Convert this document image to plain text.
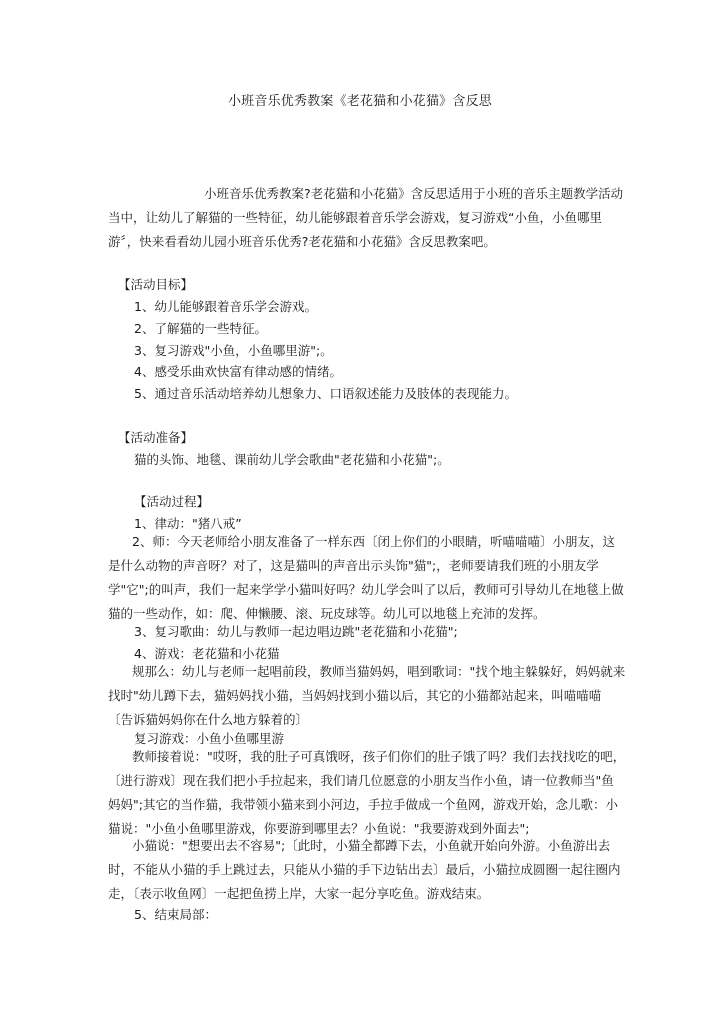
小班音乐优秀教案《老花猫和小花猫》含反思
小班音乐优秀教案?老花猫和小花猫》含反思适用于小班的音乐主题教学活动当中，让幼儿了解猫的一些特征，幼儿能够跟着音乐学会游戏，复习游戏“小鱼，小鱼哪里游〞，快来看看幼儿园小班音乐优秀?老花猫和小花猫》含反思教案吧。
【活动目标】
1、幼儿能够跟着音乐学会游戏。
2、了解猫的一些特征。
3、复习游戏"小鱼，小鱼哪里游";。
4、感受乐曲欢快富有律动感的情绪。
5、通过音乐活动培养幼儿想象力、口语叙述能力及肢体的表现能力。
【活动准备】
猫的头饰、地毯、课前幼儿学会歌曲"老花猫和小花猫";。
【活动过程】
1、律动："猪八戒”
2、师：今天老师给小朋友准备了一样东西〔闭上你们的小眼睛，听喵喵喵〕小朋友，这是什么动物的声音呀？对了，这是猫叫的声音出示头饰"猫";，老师要请我们班的小朋友学学"它";的叫声，我们一起来学学小猫叫好吗？幼儿学会叫了以后，教师可引导幼儿在地毯上做猫的一些动作，如：爬、伸懒腰、滚、玩皮球等。幼儿可以地毯上充沛的发挥。
3、复习歌曲：幼儿与教师一起边唱边跳"老花猫和小花猫";
4、游戏：老花猫和小花猫
规那么：幼儿与老师一起唱前段，教师当猫妈妈，唱到歌词："找个地主躲躲好，妈妈就来找时"幼儿蹲下去，猫妈妈找小猫，当妈妈找到小猫以后，其它的小猫都站起来，叫喵喵喵〔告诉猫妈妈你在什么地方躲着的〕
复习游戏：小鱼小鱼哪里游
教师接着说："哎呀，我的肚子可真饿呀，孩子们你们的肚子饿了吗？我们去找找吃的吧，〔进行游戏〕现在我们把小手拉起来，我们请几位愿意的小朋友当作小鱼，请一位教师当"鱼妈妈";其它的当作猫，我带领小猫来到小河边，手拉手做成一个鱼网，游戏开始，念儿歌：小猫说："小鱼小鱼哪里游戏，你要游到哪里去？小鱼说："我要游戏到外面去";
小猫说："想要出去不容易";〔此时，小猫全都蹲下去，小鱼就开始向外游。小鱼游出去时，不能从小猫的手上跳过去，只能从小猫的手下边钻出去〕最后，小猫拉成圆圈一起往圈内走，〔表示收鱼网〕一起把鱼捞上岸，大家一起分享吃鱼。游戏结束。
5、结束局部：
